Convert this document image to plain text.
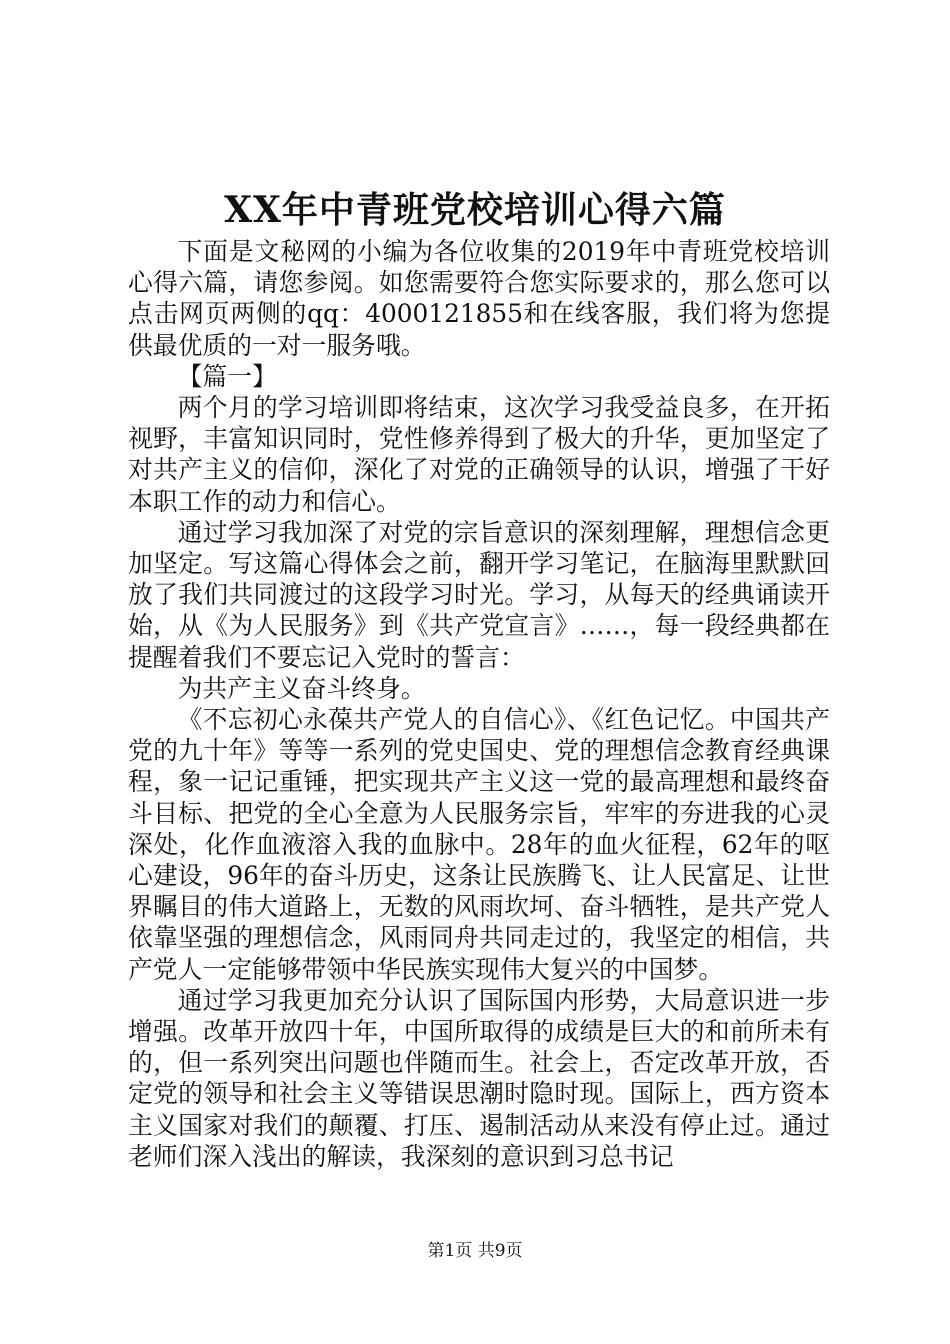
XX年中青班党校培训心得六篇

下面是文秘网的小编为各位收集的2019年中青班党校培训心得六篇，请您参阅。如您需要符合您实际要求的，那么您可以点击网页两侧的qq：4000121855和在线客服，我们将为您提供最优质的一对一服务哦。

【篇一】

两个月的学习培训即将结束，这次学习我受益良多，在开拓视野，丰富知识同时，党性修养得到了极大的升华，更加坚定了对共产主义的信仰，深化了对党的正确领导的认识，增强了干好本职工作的动力和信心。

通过学习我加深了对党的宗旨意识的深刻理解，理想信念更加坚定。写这篇心得体会之前，翻开学习笔记，在脑海里默默回放了我们共同渡过的这段学习时光。学习，从每天的经典诵读开始，从《为人民服务》到《共产党宣言》……，每一段经典都在提醒着我们不要忘记入党时的誓言：

为共产主义奋斗终身。

《不忘初心永葆共产党人的自信心》、《红色记忆。中国共产党的九十年》等等一系列的党史国史、党的理想信念教育经典课程，象一记记重锤，把实现共产主义这一党的最高理想和最终奋斗目标、把党的全心全意为人民服务宗旨，牢牢的夯进我的心灵深处，化作血液溶入我的血脉中。28年的血火征程，62年的呕心建设，96年的奋斗历史，这条让民族腾飞、让人民富足、让世界瞩目的伟大道路上，无数的风雨坎坷、奋斗牺牲，是共产党人依靠坚强的理想信念，风雨同舟共同走过的，我坚定的相信，共产党人一定能够带领中华民族实现伟大复兴的中国梦。

通过学习我更加充分认识了国际国内形势，大局意识进一步增强。改革开放四十年，中国所取得的成绩是巨大的和前所未有的，但一系列突出问题也伴随而生。社会上，否定改革开放，否定党的领导和社会主义等错误思潮时隐时现。国际上，西方资本主义国家对我们的颠覆、打压、遏制活动从来没有停止过。通过老师们深入浅出的解读，我深刻的意识到习总书记

第1页 共9页
